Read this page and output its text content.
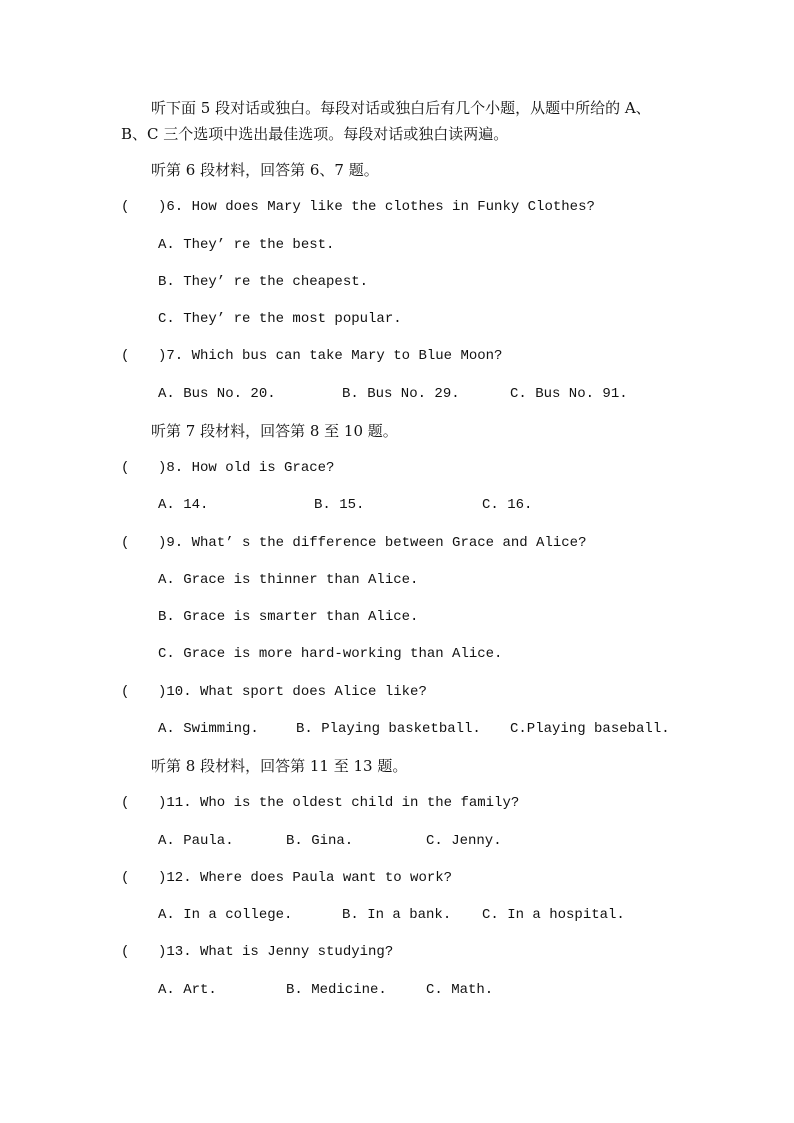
听下面 5 段对话或独白。每段对话或独白后有几个小题，从题中所给的 A、
B、C 三个选项中选出最佳选项。每段对话或独白读两遍。
听第 6 段材料，回答第 6、7 题。
( )6. How does Mary like the clothes in Funky Clothes?
A. They’ re the best.
B. They’ re the cheapest.
C. They’ re the most popular.
( )7. Which bus can take Mary to Blue Moon?
A. Bus No. 20.	B. Bus No. 29.	C. Bus No. 91.
听第 7 段材料，回答第 8 至 10 题。
( )8. How old is Grace?
A. 14.	B. 15.	C. 16.
( )9. What’ s the difference between Grace and Alice?
A. Grace is thinner than Alice.
B. Grace is smarter than Alice.
C. Grace is more hard-working than Alice.
( )10. What sport does Alice like?
A. Swimming.	B. Playing basketball. C.Playing baseball.
听第 8 段材料，回答第 11 至 13 题。
( )11. Who is the oldest child in the family?
A. Paula.	B. Gina.	C. Jenny.
( )12. Where does Paula want to work?
A. In a college.	B. In a bank. C. In a hospital.
( )13. What is Jenny studying?
A. Art.	B. Medicine.	C. Math.
